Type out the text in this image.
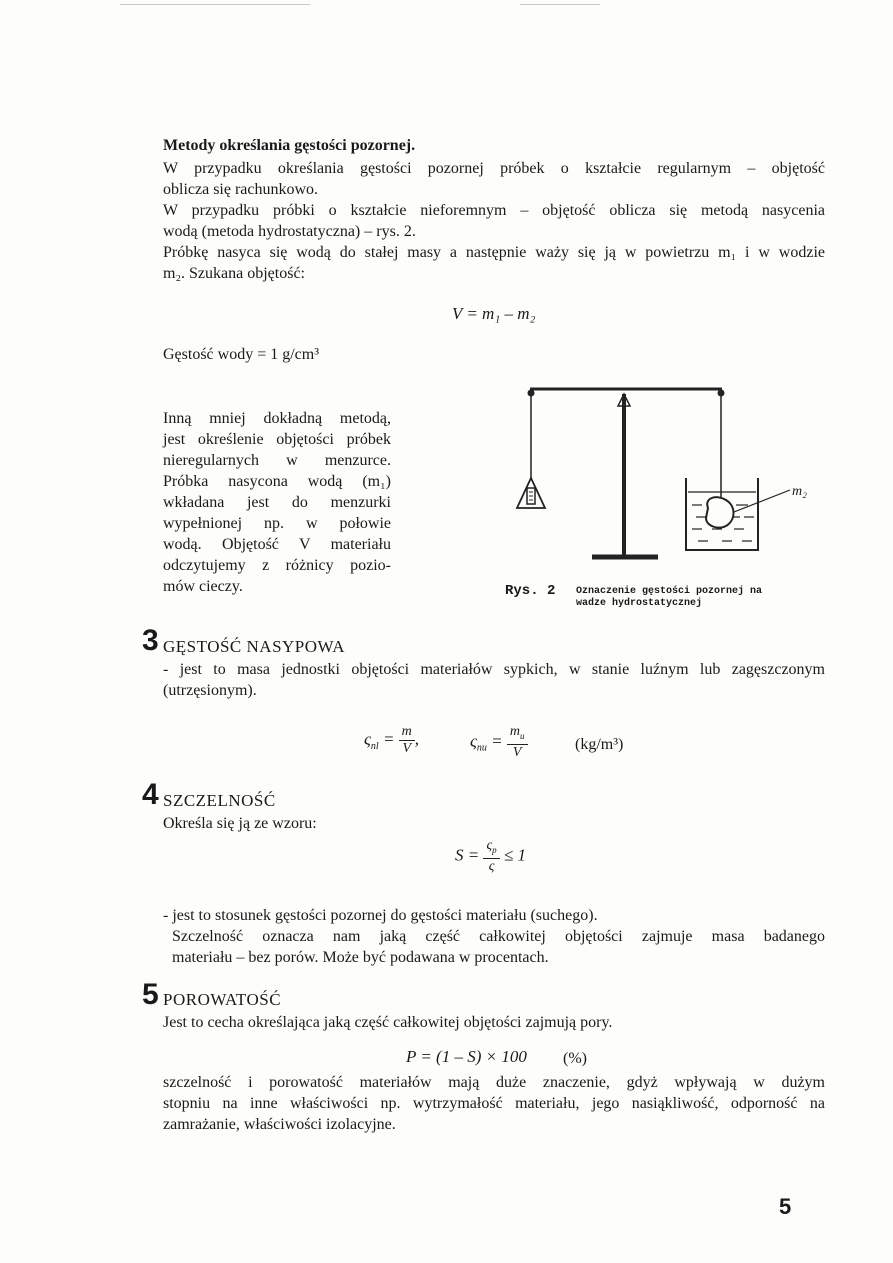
Metody określania gęstości pozornej.
W przypadku określania gęstości pozornej próbek o kształcie regularnym – objętość
oblicza się rachunkowo.
W przypadku próbki o kształcie nieforemnym – objętość oblicza się metodą nasycenia
wodą (metoda hydrostatyczna) – rys. 2.
Próbkę nasyca się wodą do stałej masy a następnie waży się ją w powietrzu m₁ i w wodzie
m₂. Szukana objętość:
V = m₁ – m₂
Gęstość wody = 1 g/cm³
Inną mniej dokładną metodą,
jest określenie objętości próbek
nieregularnych w menzurce.
Próbka nasycona wodą (m₁)
wkładana jest do menzurki
wypełnionej np. w połowie
wodą. Objętość V materiału
odczytujemy z różnicy pozio-
mów cieczy.
m₂
Rys. 2 Oznaczenie gęstości pozornej na
wadze hydrostatycznej
3 GĘSTOŚĆ NASYPOWA
- jest to masa jednostki objętości materiałów sypkich, w stanie luźnym lub zagęszczonym
(utrzęsionym).
$\varsigma_{nl} = \frac{m}{V}$ ,	$\varsigma_{nu} = \frac{m_u}{V}$	(kg/m³)
4 SZCZELNOŚĆ
Określa się ją ze wzoru:
$S = \frac{\varsigma_p}{\varsigma} \le 1$
- jest to stosunek gęstości pozornej do gęstości materiału (suchego).
Szczelność oznacza nam jaką część całkowitej objętości zajmuje masa badanego
materiału – bez porów. Może być podawana w procentach.
5 POROWATOŚĆ
Jest to cecha określająca jaką część całkowitej objętości zajmują pory.
P = (1 – S) × 100 (%)
szczelność i porowatość materiałów mają duże znaczenie, gdyż wpływają w dużym
stopniu na inne właściwości np. wytrzymałość materiału, jego nasiąkliwość, odporność na
zamrażanie, właściwości izolacyjne.
5
